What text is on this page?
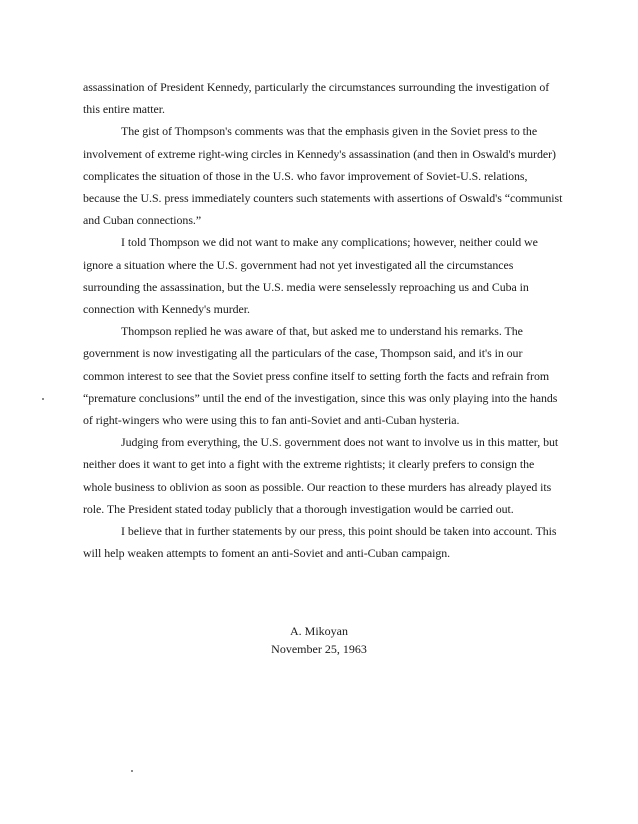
assassination of President Kennedy, particularly the circumstances surrounding the investigation of this entire matter.

The gist of Thompson's comments was that the emphasis given in the Soviet press to the involvement of extreme right-wing circles in Kennedy's assassination (and then in Oswald's murder) complicates the situation of those in the U.S. who favor improvement of Soviet-U.S. relations, because the U.S. press immediately counters such statements with assertions of Oswald's “communist and Cuban connections.”

I told Thompson we did not want to make any complications; however, neither could we ignore a situation where the U.S. government had not yet investigated all the circumstances surrounding the assassination, but the U.S. media were senselessly reproaching us and Cuba in connection with Kennedy's murder.

Thompson replied he was aware of that, but asked me to understand his remarks. The government is now investigating all the particulars of the case, Thompson said, and it's in our common interest to see that the Soviet press confine itself to setting forth the facts and refrain from “premature conclusions” until the end of the investigation, since this was only playing into the hands of right-wingers who were using this to fan anti-Soviet and anti-Cuban hysteria.

Judging from everything, the U.S. government does not want to involve us in this matter, but neither does it want to get into a fight with the extreme rightists; it clearly prefers to consign the whole business to oblivion as soon as possible. Our reaction to these murders has already played its role. The President stated today publicly that a thorough investigation would be carried out.

I believe that in further statements by our press, this point should be taken into account. This will help weaken attempts to foment an anti-Soviet and anti-Cuban campaign.

A. Mikoyan
November 25, 1963
